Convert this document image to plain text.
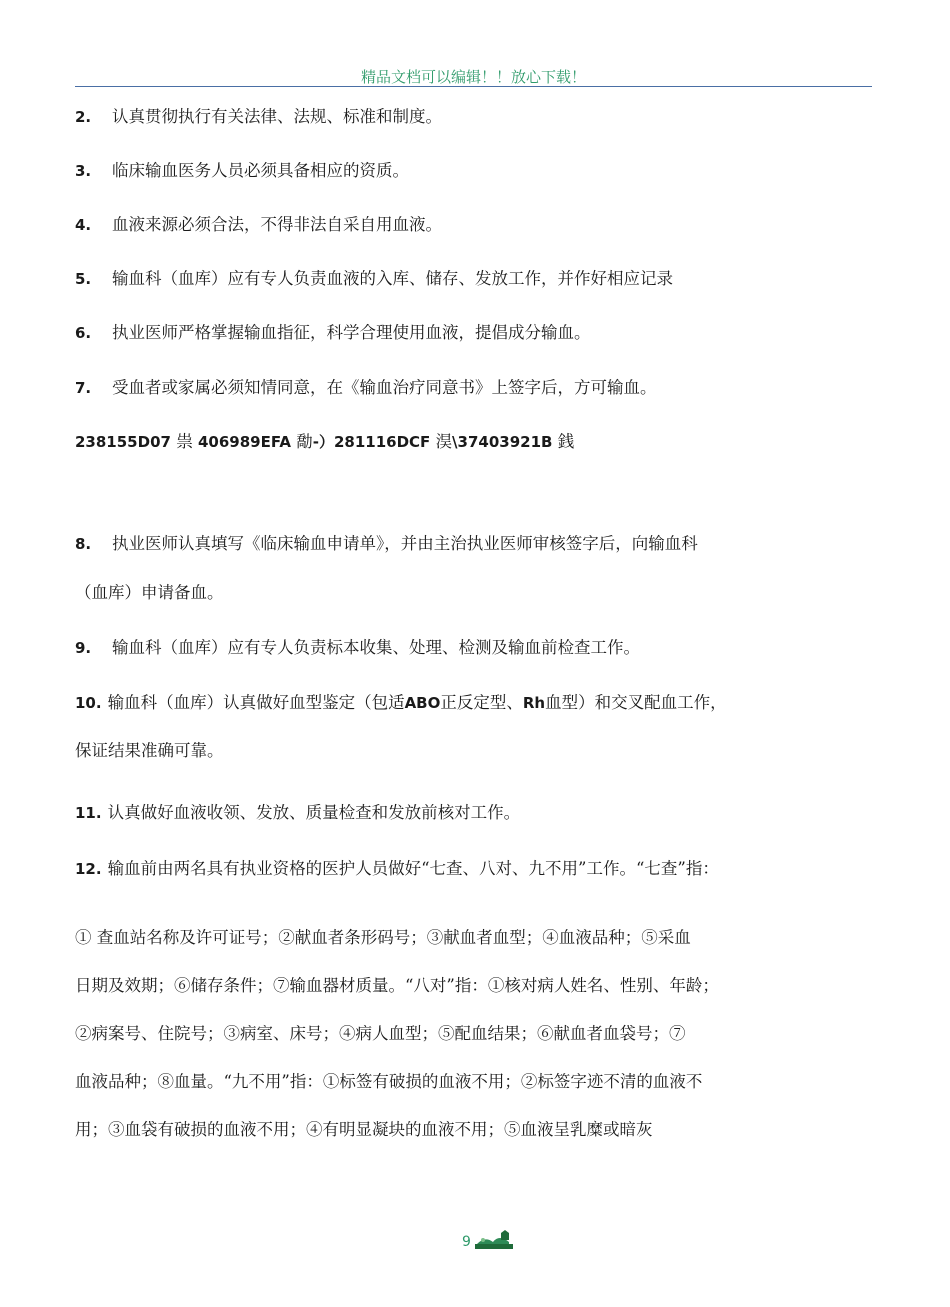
精品文档可以编辑！！放心下载！
2. 认真贯彻执行有关法律、法规、标准和制度。
3. 临床输血医务人员必须具备相应的资质。
4. 血液来源必须合法，不得非法自采自用血液。
5. 输血科（血库）应有专人负责血液的入库、储存、发放工作，并作好相应记录
6. 执业医师严格掌握输血指征，科学合理使用血液，提倡成分输血。
7. 受血者或家属必须知情同意，在《输血治疗同意书》上签字后，方可输血。
238155D07 祟 406989EFA 勪-）281116DCF 淏\37403921B 銭
8. 执业医师认真填写《临床输血申请单》，并由主治执业医师审核签字后，向输血科
（血库）申请备血。
9. 输血科（血库）应有专人负责标本收集、处理、检测及输血前检查工作。
10. 输血科（血库）认真做好血型鉴定（包适ABO正反定型、Rh血型）和交叉配血工作，
保证结果准确可靠。
11. 认真做好血液收领、发放、质量检查和发放前核对工作。
12. 输血前由两名具有执业资格的医护人员做好“七查、八对、九不用”工作。“七查”指：
① 查血站名称及许可证号；②献血者条形码号；③献血者血型；④血液品种；⑤采血
日期及效期；⑥储存条件；⑦输血器材质量。“八对”指：①核对病人姓名、性别、年龄；
②病案号、住院号；③病室、床号；④病人血型；⑤配血结果；⑥献血者血袋号；⑦
血液品种；⑧血量。“九不用”指：①标签有破损的血液不用；②标签字迹不清的血液不
用；③血袋有破损的血液不用；④有明显凝块的血液不用；⑤血液呈乳糜或暗灰
9
